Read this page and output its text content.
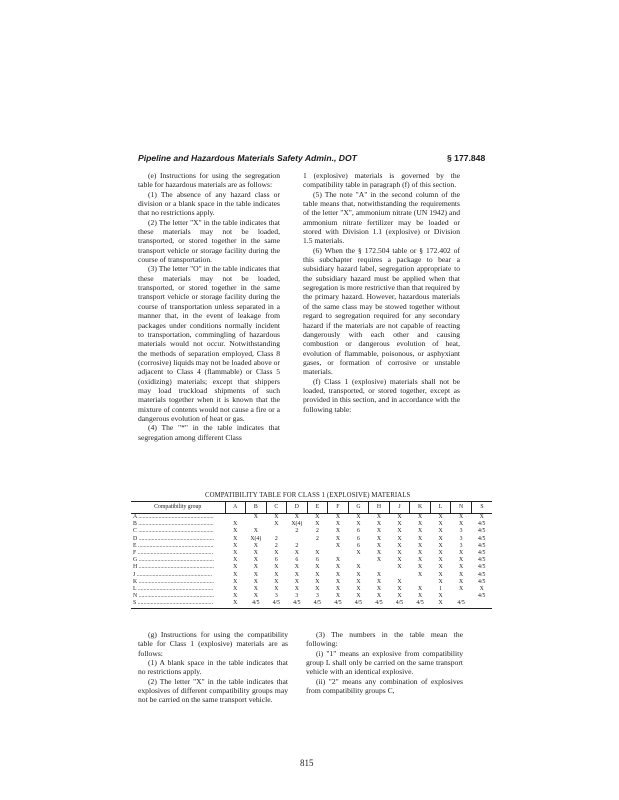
Pipeline and Hazardous Materials Safety Admin., DOT	§ 177.848

(e) Instructions for using the segregation table for hazardous materials are as follows:

(1) The absence of any hazard class or division or a blank space in the table indicates that no restrictions apply.

(2) The letter "X" in the table indicates that these materials may not be loaded, transported, or stored together in the same transport vehicle or storage facility during the course of transportation.

(3) The letter "O" in the table indicates that these materials may not be loaded, transported, or stored together in the same transport vehicle or storage facility during the course of transportation unless separated in a manner that, in the event of leakage from packages under conditions normally incident to transportation, commingling of hazardous materials would not occur. Notwithstanding the methods of separation employed, Class 8 (corrosive) liquids may not be loaded above or adjacent to Class 4 (flammable) or Class 5 (oxidizing) materials; except that shippers may load truckload shipments of such materials together when it is known that the mixture of contents would not cause a fire or a dangerous evolution of heat or gas.

(4) The "*" in the table indicates that segregation among different Class

1 (explosive) materials is governed by the compatibility table in paragraph (f) of this section.

(5) The note "A" in the second column of the table means that, notwithstanding the requirements of the letter "X", ammonium nitrate (UN 1942) and ammonium nitrate fertilizer may be loaded or stored with Division 1.1 (explosive) or Division 1.5 materials.

(6) When the § 172.504 table or § 172.402 of this subchapter requires a package to bear a subsidiary hazard label, segregation appropriate to the subsidiary hazard must be applied when that segregation is more restrictive than that required by the primary hazard. However, hazardous materials of the same class may be stowed together without regard to segregation required for any secondary hazard if the materials are not capable of reacting dangerously with each other and causing combustion or dangerous evolution of heat, evolution of flammable, poisonous, or asphyxiant gases, or formation of corrosive or unstable materials.

(f) Class 1 (explosive) materials shall not be loaded, transported, or stored together, except as provided in this section, and in accordance with the following table:

COMPATIBILITY TABLE FOR CLASS 1 (EXPLOSIVE) MATERIALS
Compatibility group	A	B	C	D	E	F	G	H	J	K	L	N	S
A ....................................................		X	X	X	X	X	X	X	X	X	X	X	X
B ....................................................	X		X	X(4)	X	X	X	X	X	X	X	X	4/5
C ....................................................	X	X		2	2	X	6	X	X	X	X	3	4/5
D ....................................................	X	X(4)	2		2	X	6	X	X	X	X	3	4/5
E ....................................................	X	X	2	2		X	6	X	X	X	X	3	4/5
F ....................................................	X	X	X	X	X		X	X	X	X	X	X	4/5
G ....................................................	X	X	6	6	6	X		X	X	X	X	X	4/5
H ....................................................	X	X	X	X	X	X	X		X	X	X	X	4/5
J ....................................................	X	X	X	X	X	X	X	X		X	X	X	4/5
K ....................................................	X	X	X	X	X	X	X	X	X		X	X	4/5
L ....................................................	X	X	X	X	X	X	X	X	X	X	1	X	X
N ....................................................	X	X	3	3	3	X	X	X	X	X	X		4/5
S ....................................................	X	4/5	4/5	4/5	4/5	4/5	4/5	4/5	4/5	4/5	X	4/5	

(g) Instructions for using the compatibility table for Class 1 (explosive) materials are as follows:

(1) A blank space in the table indicates that no restrictions apply.

(2) The letter "X" in the table indicates that explosives of different compatibility groups may not be carried on the same transport vehicle.

(3) The numbers in the table mean the following:

(i) "1" means an explosive from compatibility group L shall only be carried on the same transport vehicle with an identical explosive.

(ii) "2" means any combination of explosives from compatibility groups C,

815
